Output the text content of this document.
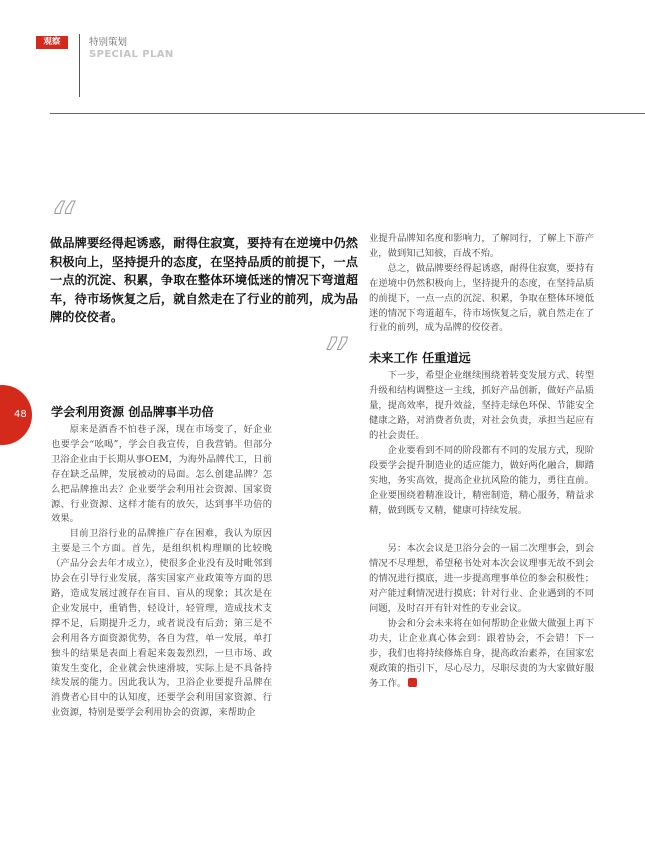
观察	特别策划
SPECIAL PLAN
48
“
做品牌要经得起诱惑，耐得住寂寞，要持有在逆境中仍然积极向上，坚持提升的态度，在坚持品质的前提下，一点一点的沉淀、积累，争取在整体环境低迷的情况下弯道超车，待市场恢复之后，就自然走在了行业的前列，成为品牌的佼佼者。
”
学会利用资源 创品牌事半功倍

原来是酒香不怕巷子深，现在市场变了，好企业也要学会“吆喝”，学会自我宣传，自我营销。但部分卫浴企业由于长期从事OEM，为海外品牌代工，日前存在缺乏品牌，发展被动的局面。怎么创建品牌？怎么把品牌推出去？企业要学会利用社会资源、国家资源、行业资源、这样才能有的放矢，达到事半功倍的效果。

目前卫浴行业的品牌推广存在困难，我认为原因主要是三个方面。首先，是组织机构理顺的比较晚（产品分会去年才成立），使很多企业没有及时毗邻到协会在引导行业发展，落实国家产业政策等方面的思路，造成发展过渡存在盲目、盲从的现象；其次是在企业发展中，重销售，轻设计，轻管理，造成技术支撑不足，后期提升乏力，或者说没有后劲；第三是不会利用各方面资源优势，各自为营，单一发展，单打独斗的结果是表面上看起来轰轰烈烈，一旦市场、政策发生变化，企业就会快速滑坡，实际上是不具备持续发展的能力。因此我认为，卫浴企业要提升品牌在消费者心目中的认知度，还要学会利用国家资源、行业资源，特别是要学会利用协会的资源，来帮助企

业提升品牌知名度和影响力，了解同行，了解上下游产业，做到知己知彼，百战不殆。

总之，做品牌要经得起诱惑，耐得住寂寞，要持有在逆境中仍然积极向上，坚持提升的态度，在坚持品质的前提下，一点一点的沉淀、积累，争取在整体环境低迷的情况下弯道超车，待市场恢复之后，就自然走在了行业的前列，成为品牌的佼佼者。

未来工作 任重道远

下一步，希望企业继续围绕着转变发展方式、转型升级和结构调整这一主线，抓好产品创新，做好产品质量，提高效率，提升效益，坚持走绿色环保、节能安全健康之路，对消费者负责，对社会负责，承担当起应有的社会责任。

企业要看到不同的阶段都有不同的发展方式，现阶段要学会提升制造业的适应能力，做好两化融合，脚踏实地，务实高效，提高企业抗风险的能力，勇往直前。企业要围绕着精准设计，精密制造，精心服务，精益求精，做到既专又精，健康可持续发展。

另：本次会议是卫浴分会的一届二次理事会，到会情况不尽理想，希望秘书处对本次会议理事无故不到会的情况进行摸底，进一步提高理事单位的参会积极性；对产能过剩情况进行摸底；针对行业、企业遇到的不同问题，及时召开有针对性的专业会议。

协会和分会未来将在如何帮助企业做大做强上再下功夫，让企业真心体会到：跟着协会，不会错！下一步，我们也将持续修炼自身，提高政治素养，在国家宏观政策的指引下，尽心尽力，尽职尽责的为大家做好服务工作。
